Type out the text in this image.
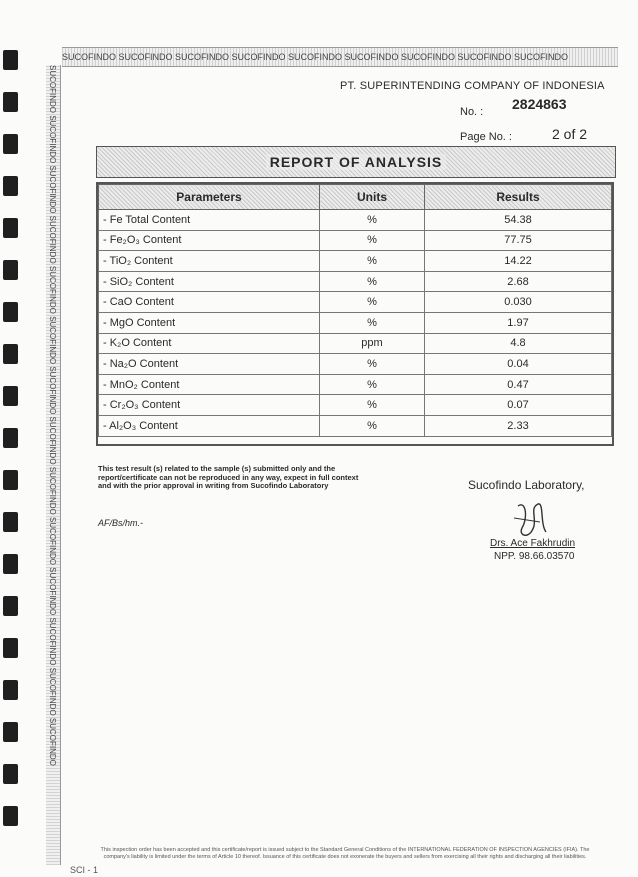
SUCOFINDO SUCOFINDO SUCOFINDO SUCOFINDO SUCOFINDO SUCOFINDO SUCOFINDO SUCOFINDO SUCOFINDO
SUCOFINDO SUCOFINDO SUCOFINDO SUCOFINDO SUCOFINDO SUCOFINDO SUCOFINDO SUCOFINDO SUCOFINDO SUCOFINDO SUCOFINDO SUCOFINDO SUCOFINDO SUCOFINDO	PT. SUPERINTENDING COMPANY OF INDONESIA
No. : 2824863
Page No. :	2 of 2
REPORT OF ANALYSIS
Parameters	Units	Results
- Fe Total Content	%	54.38
- Fe₂O₃ Content	%	77.75
- TiO₂ Content	%	14.22
- SiO₂ Content	%	2.68
- CaO Content	%	0.030
- MgO Content	%	1.97
- K₂O Content	ppm	4.8
- Na₂O Content	%	0.04
- MnO₂ Content	%	0.47
- Cr₂O₃ Content	%	0.07
- Al₂O₃ Content	%	2.33
This test result (s) related to the sample (s) submitted only and the report/certificate can not be reproduced in any way, expect in full context and with the prior approval in writing from Sucofindo Laboratory
AF/Bs/hm.-
Sucofindo Laboratory,
Drs. Ace Fakhrudin
NPP. 98.66.03570
This inspection order has been accepted and this certificate/report is issued subject to the Standard General Conditions of the INTERNATIONAL FEDERATION OF INSPECTION AGENCIES (IFIA). The company's liability is limited under the terms of Article 10 thereof. Issuance of this certificate does not exonerate the buyers and sellers from exercising all their rights and discharging all their liabilities.
SCI - 1
